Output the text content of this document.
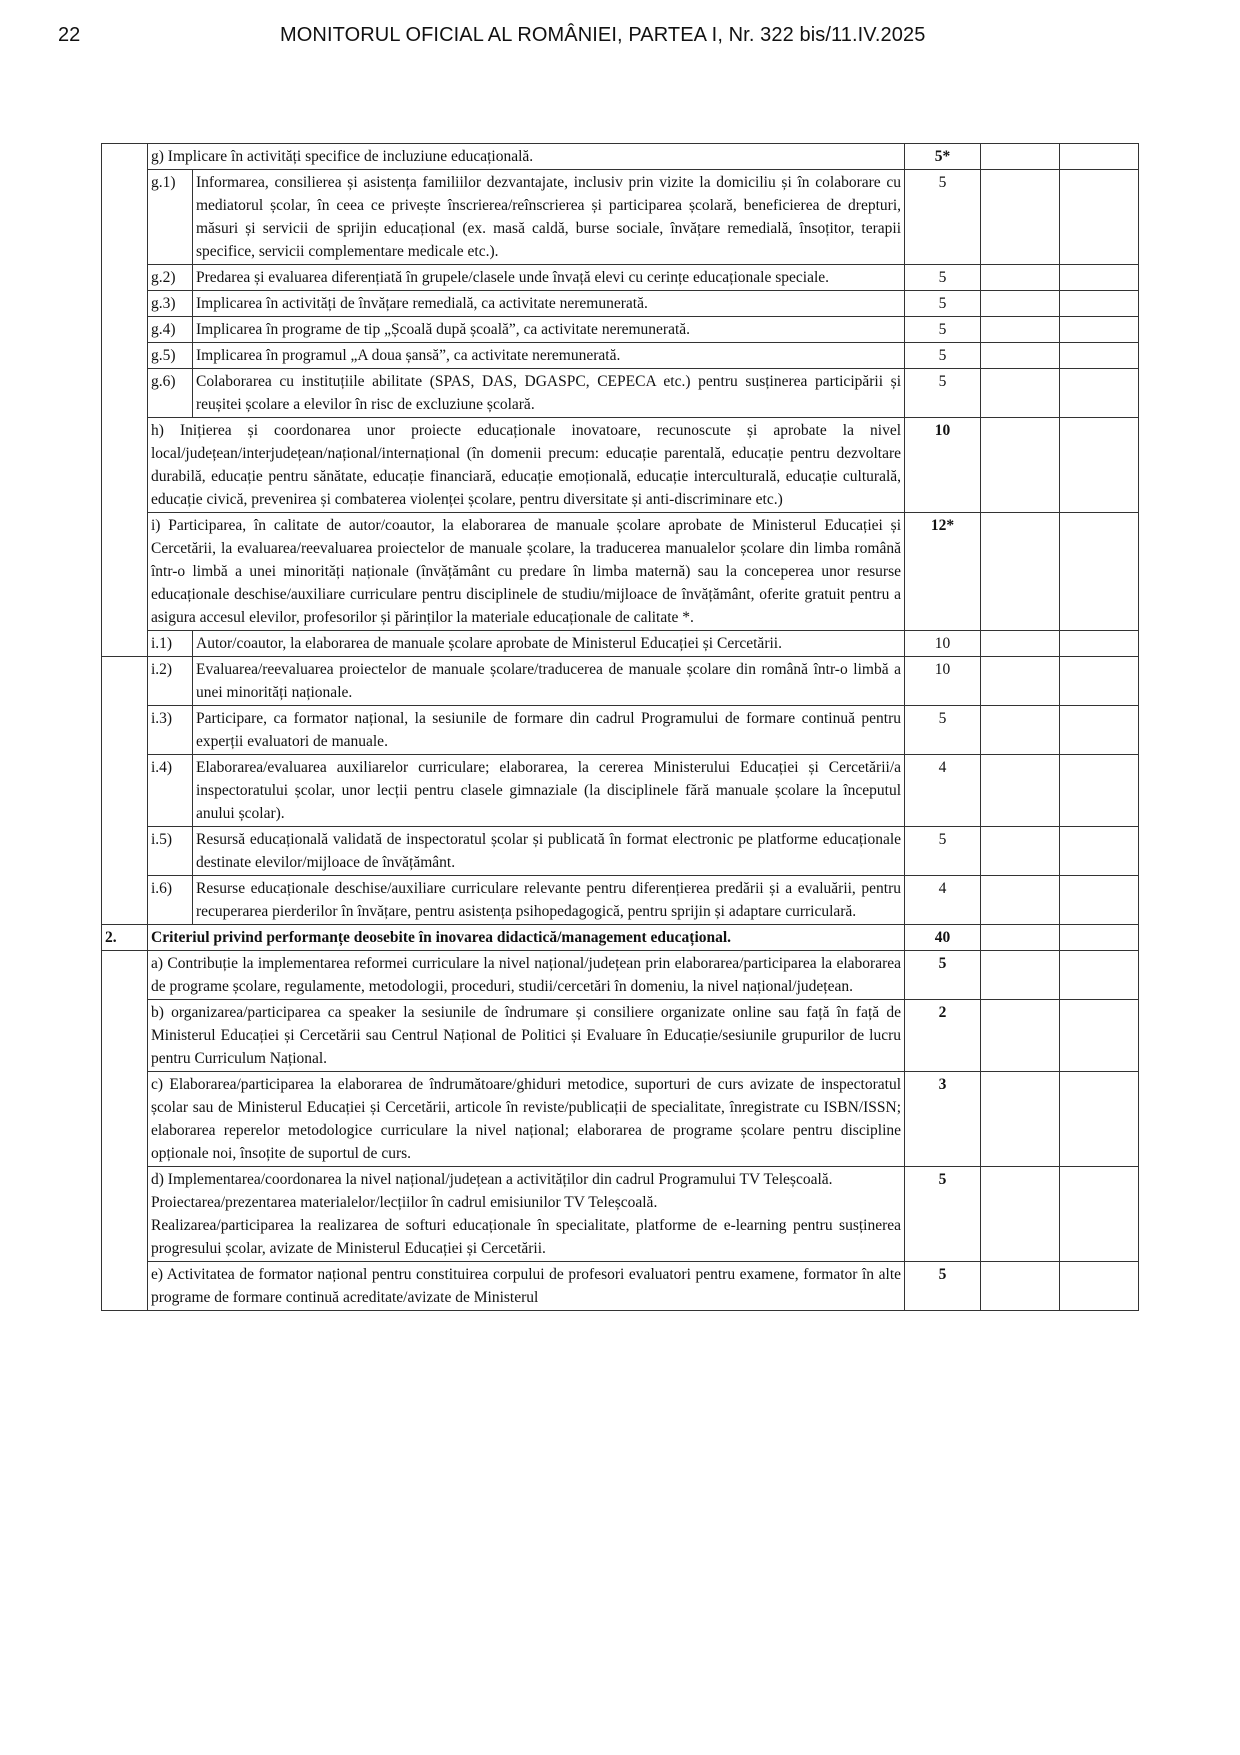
22	MONITORUL OFICIAL AL ROMÂNIEI, PARTEA I, Nr. 322 bis/11.IV.2025
	g) Implicare în activități specifice de incluziune educațională.		5*		
	g.1)	Informarea, consilierea și asistența familiilor dezvantajate, inclusiv prin vizite la domiciliu și în colaborare cu mediatorul școlar, în ceea ce privește înscrierea/reînscrierea și participarea școlară, beneficierea de drepturi, măsuri și servicii de sprijin educațional (ex. masă caldă, burse sociale, învățare remedială, însoțitor, terapii specifice, servicii complementare medicale etc.).	5		
	g.2)	Predarea și evaluarea diferențiată în grupele/clasele unde învață elevi cu cerințe educaționale speciale.	5		
	g.3)	Implicarea în activități de învățare remedială, ca activitate neremunerată.	5		
	g.4)	Implicarea în programe de tip „Școală după școală”, ca activitate neremunerată.	5		
	g.5)	Implicarea în programul „A doua șansă”, ca activitate neremunerată.	5		
	g.6)	Colaborarea cu instituțiile abilitate (SPAS, DAS, DGASPC, CEPECA etc.) pentru susținerea participării și reușitei școlare a elevilor în risc de excluziune școlară.	5		
	h) Inițierea și coordonarea unor proiecte educaționale inovatoare, recunoscute și aprobate la nivel local/județean/interjudețean/național/internațional (în domenii precum: educație parentală, educație pentru dezvoltare durabilă, educație pentru sănătate, educație financiară, educație emoțională, educație interculturală, educație culturală, educație civică, prevenirea și combaterea violenței școlare, pentru diversitate și anti-discriminare etc.)		10		
	i) Participarea, în calitate de autor/coautor, la elaborarea de manuale școlare aprobate de Ministerul Educației și Cercetării, la evaluarea/reevaluarea proiectelor de manuale școlare, la traducerea manualelor școlare din limba română într-o limbă a unei minorități naționale (învățământ cu predare în limba maternă) sau la conceperea unor resurse educaționale deschise/auxiliare curriculare pentru disciplinele de studiu/mijloace de învățământ, oferite gratuit pentru a asigura accesul elevilor, profesorilor și părinților la materiale educaționale de calitate *.		12*		
	i.1)	Autor/coautor, la elaborarea de manuale școlare aprobate de Ministerul Educației și Cercetării.	10		
	i.2)	Evaluarea/reevaluarea proiectelor de manuale școlare/traducerea de manuale școlare din română într-o limbă a unei minorități naționale.	10		
	i.3)	Participare, ca formator național, la sesiunile de formare din cadrul Programului de formare continuă pentru experții evaluatori de manuale.	5		
	i.4)	Elaborarea/evaluarea auxiliarelor curriculare; elaborarea, la cererea Ministerului Educației și Cercetării/a inspectoratului școlar, unor lecții pentru clasele gimnaziale (la disciplinele fără manuale școlare la începutul anului școlar).	4		
	i.5)	Resursă educațională validată de inspectoratul școlar și publicată în format electronic pe platforme educaționale destinate elevilor/mijloace de învățământ.	5		
	i.6)	Resurse educaționale deschise/auxiliare curriculare relevante pentru diferențierea predării și a evaluării, pentru recuperarea pierderilor în învățare, pentru asistența psihopedagogică, pentru sprijin și adaptare curriculară.	4		
2.	Criteriul privind performanțe deosebite în inovarea didactică/management educațional.		40		
	a) Contribuție la implementarea reformei curriculare la nivel național/județean prin elaborarea/participarea la elaborarea de programe școlare, regulamente, metodologii, proceduri, studii/cercetări în domeniu, la nivel național/județean.		5		
	b) organizarea/participarea ca speaker la sesiunile de îndrumare și consiliere organizate online sau față în față de Ministerul Educației și Cercetării sau Centrul Național de Politici și Evaluare în Educație/sesiunile grupurilor de lucru pentru Curriculum Național.		2		
	c) Elaborarea/participarea la elaborarea de îndrumătoare/ghiduri metodice, suporturi de curs avizate de inspectoratul școlar sau de Ministerul Educației și Cercetării, articole în reviste/publicații de specialitate, înregistrate cu ISBN/ISSN; elaborarea reperelor metodologice curriculare la nivel național; elaborarea de programe școlare pentru discipline opționale noi, însoțite de suportul de curs.		3		

	d) Implementarea/coordonarea la nivel național/județean a activităților din cadrul Programului TV Teleșcoală.
Proiectarea/prezentarea materialelor/lecțiilor în cadrul emisiunilor TV Teleșcoală.
Realizarea/participarea la realizarea de softuri educaționale în specialitate, platforme de e-learning pentru susținerea progresului școlar, avizate de Ministerul Educației și Cercetării.		5		
	e) Activitatea de formator național pentru constituirea corpului de profesori evaluatori pentru examene, formator în alte programe de formare continuă acreditate/avizate de Ministerul		5		
